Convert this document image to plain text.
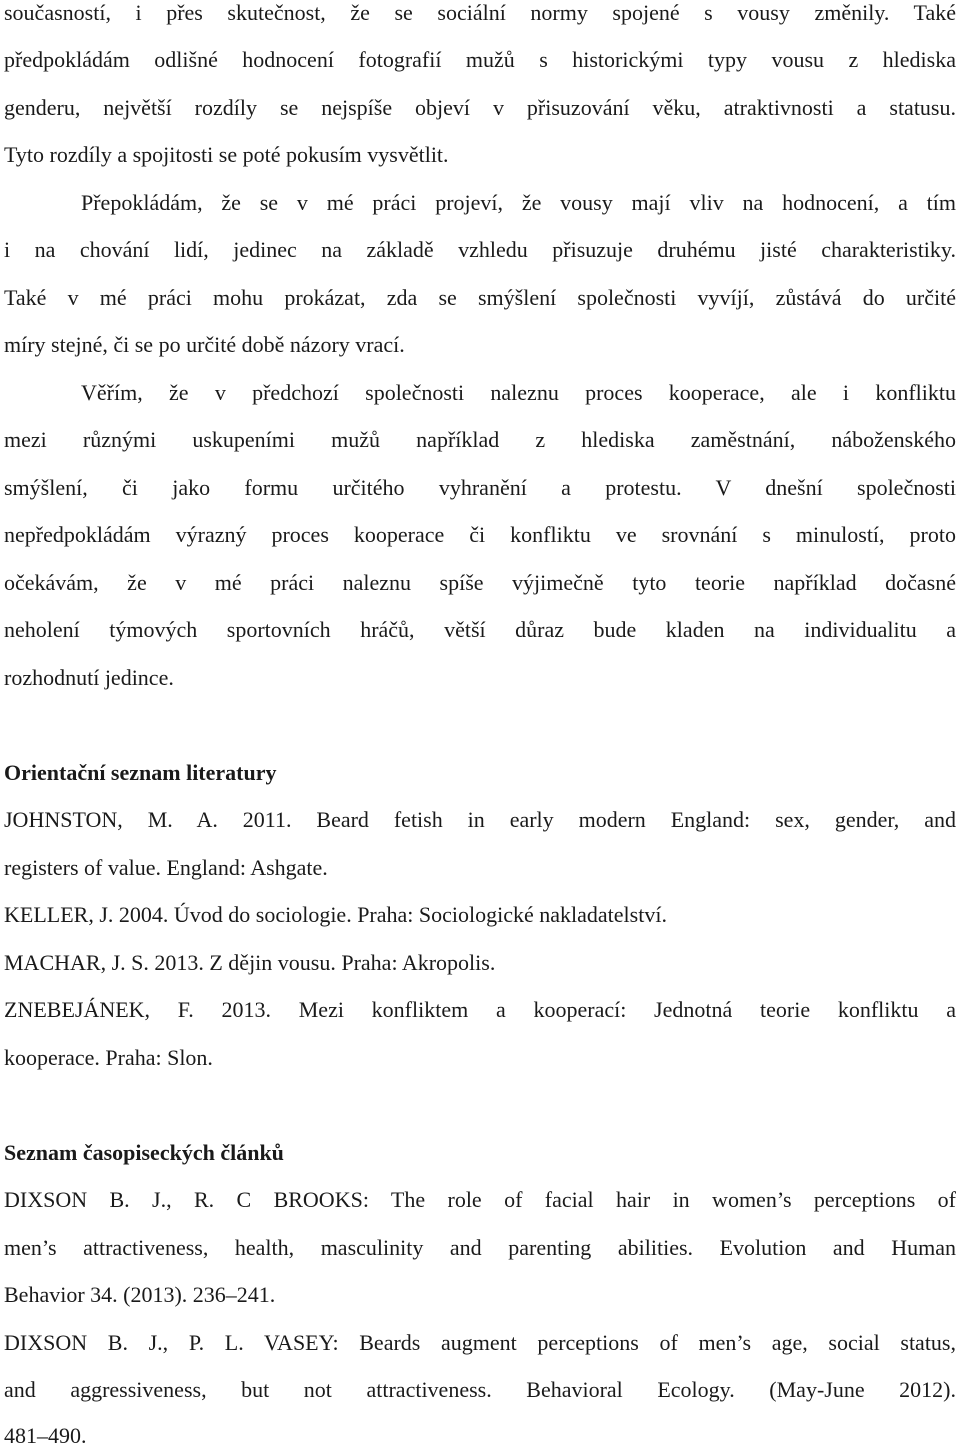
současností, i přes skutečnost, že se sociální normy spojené s vousy změnily. Také
předpokládám odlišné hodnocení fotografií mužů s historickými typy vousu z hlediska
genderu, největší rozdíly se nejspíše objeví v přisuzování věku, atraktivnosti a statusu.
Tyto rozdíly a spojitosti se poté pokusím vysvětlit.
Přepokládám, že se v mé práci projeví, že vousy mají vliv na hodnocení, a tím
i na chování lidí, jedinec na základě vzhledu přisuzuje druhému jisté charakteristiky.
Také v mé práci mohu prokázat, zda se smýšlení společnosti vyvíjí, zůstává do určité
míry stejné, či se po určité době názory vrací.
Věřím, že v předchozí společnosti naleznu proces kooperace, ale i konfliktu
mezi různými uskupeními mužů například z hlediska zaměstnání, náboženského
smýšlení, či jako formu určitého vyhranění a protestu. V dnešní společnosti
nepředpokládám výrazný proces kooperace či konfliktu ve srovnání s minulostí, proto
očekávám, že v mé práci naleznu spíše výjimečně tyto teorie například dočasné
neholení týmových sportovních hráčů, větší důraz bude kladen na individualitu a
rozhodnutí jedince.
Orientační seznam literatury
JOHNSTON, M. A. 2011. Beard fetish in early modern England: sex, gender, and
registers of value. England: Ashgate.
KELLER, J. 2004. Úvod do sociologie. Praha: Sociologické nakladatelství.
MACHAR, J. S. 2013. Z dějin vousu. Praha: Akropolis.
ZNEBEJÁNEK, F. 2013. Mezi konfliktem a kooperací: Jednotná teorie konfliktu a
kooperace. Praha: Slon.
Seznam časopiseckých článků
DIXSON B. J., R. C BROOKS: The role of facial hair in women’s perceptions of
men’s attractiveness, health, masculinity and parenting abilities. Evolution and Human
Behavior 34. (2013). 236–241.
DIXSON B. J., P. L. VASEY: Beards augment perceptions of men’s age, social status,
and aggressiveness, but not attractiveness. Behavioral Ecology. (May-June 2012).
481–490.
